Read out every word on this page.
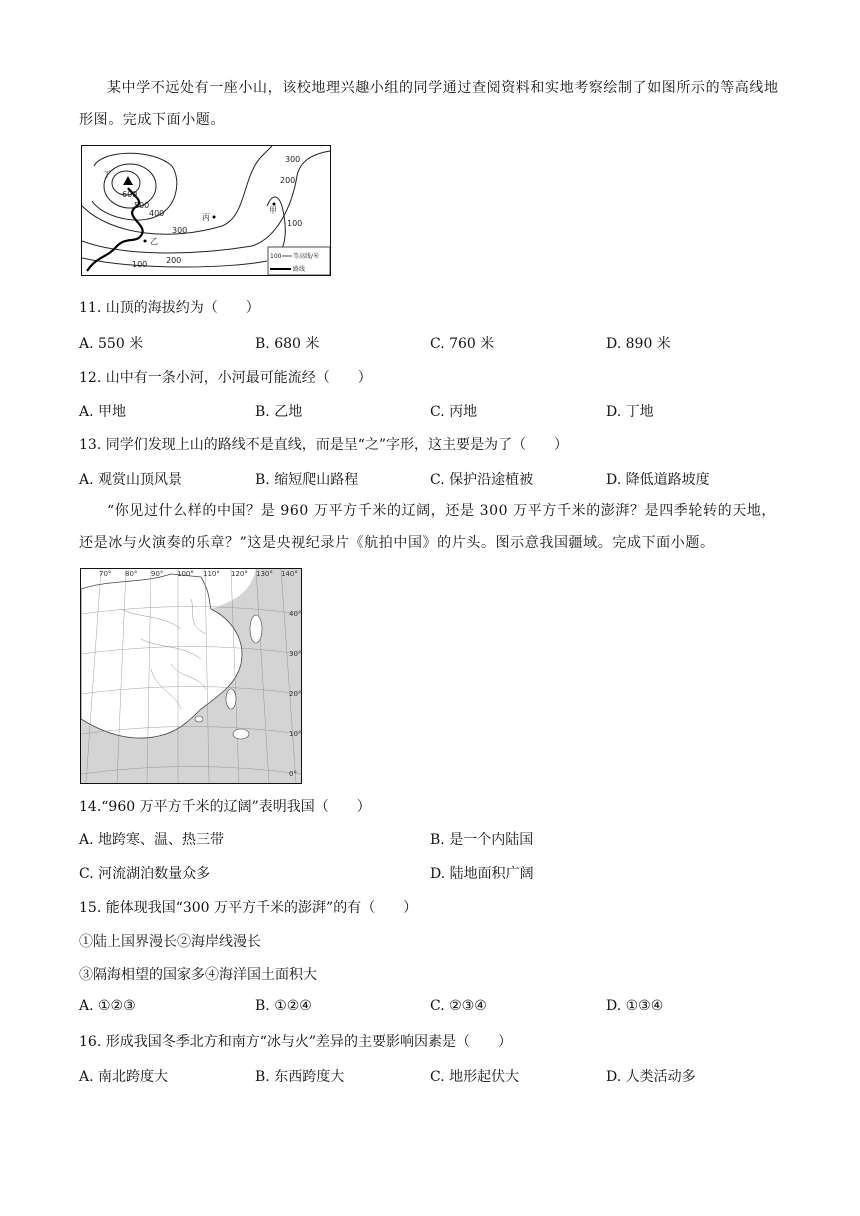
某中学不远处有一座小山，该校地理兴趣小组的同学通过查阅资料和实地考察绘制了如图所示的等高线地形图。完成下面小题。
300
200
100
600
500
400
300
200
100
丁
丙
甲
乙
100 等高线/米
路线
11. 山顶的海拔约为（　　）
A. 550 米	B. 680 米	C. 760 米	D. 890 米
12. 山中有一条小河，小河最可能流经（　　）
A. 甲地	B. 乙地	C. 丙地	D. 丁地
13. 同学们发现上山的路线不是直线，而是呈“之”字形，这主要是为了（　　）
A. 观赏山顶风景	B. 缩短爬山路程	C. 保护沿途植被	D. 降低道路坡度
“你见过什么样的中国？是 960 万平方千米的辽阔，还是 300 万平方千米的澎湃？是四季轮转的天地，还是冰与火演奏的乐章？”这是央视纪录片《航拍中国》的片头。图示意我国疆域。完成下面小题。
70° 80° 90° 100° 110° 120° 130° 140°
40°
30°
20°
10°
0°
14.“960 万平方千米的辽阔”表明我国（　　）
A. 地跨寒、温、热三带	B. 是一个内陆国
C. 河流湖泊数量众多	D. 陆地面积广阔
15. 能体现我国“300 万平方千米的澎湃”的有（　　）
①陆上国界漫长②海岸线漫长
③隔海相望的国家多④海洋国土面积大
A. ①②③	B. ①②④	C. ②③④	D. ①③④
16. 形成我国冬季北方和南方“冰与火”差异的主要影响因素是（　　）
A. 南北跨度大	B. 东西跨度大	C. 地形起伏大	D. 人类活动多
